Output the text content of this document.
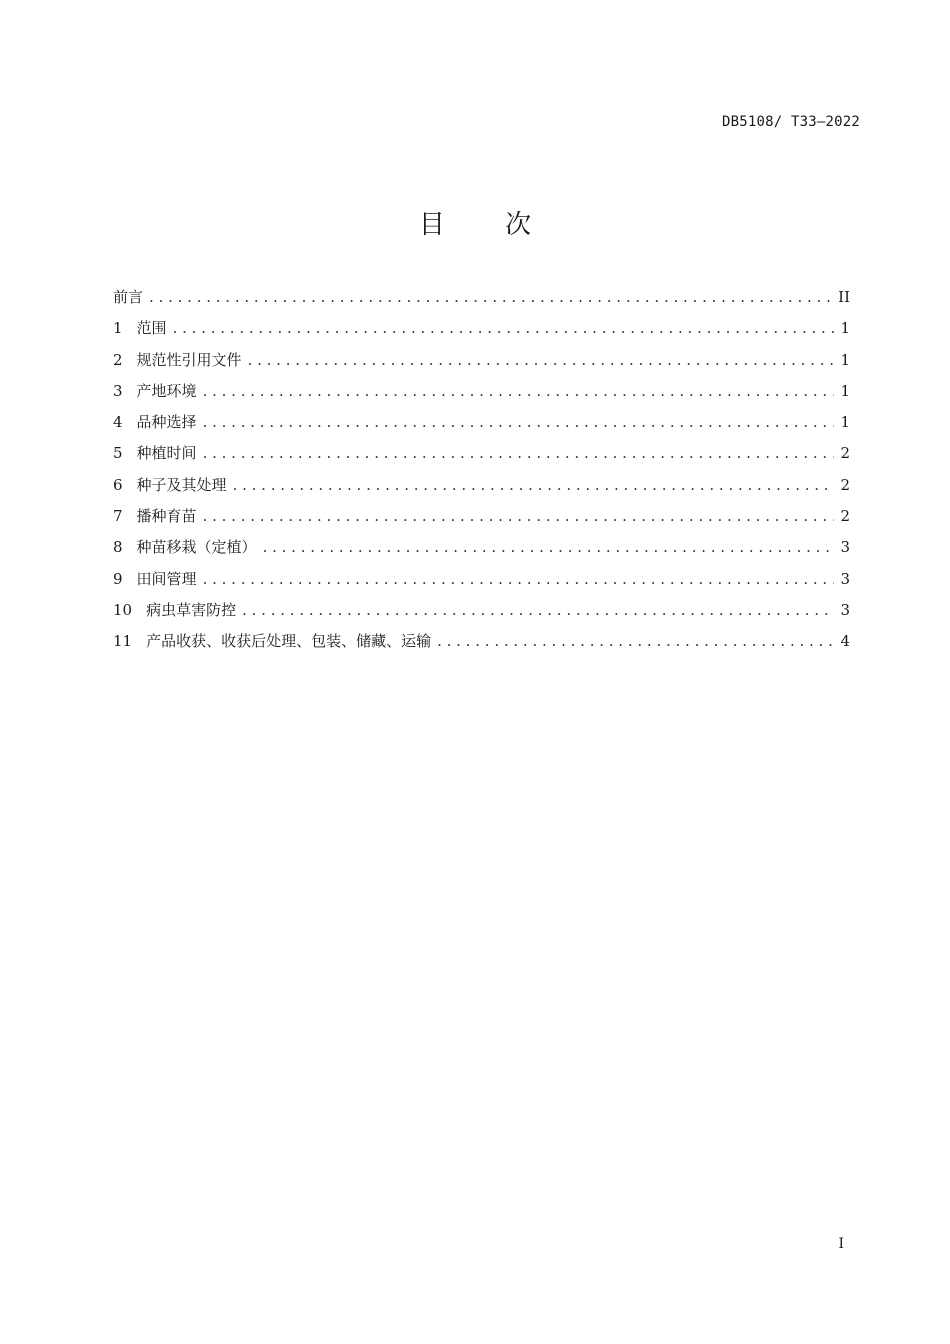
DB5108/ T33—2022
目 次
前言 . . .	II
1 范围 . . .	1
2 规范性引用文件 . . .	1
3 产地环境 . . .	1
4 品种选择 . . .	1
5 种植时间 . . .	2
6 种子及其处理 . . .	2
7 播种育苗 . . .	2
8 种苗移栽（定植） . . .	3
9 田间管理 . . .	3
10 病虫草害防控 . . .	3
11 产品收获、收获后处理、包装、储藏、运输 . . .	4
I
